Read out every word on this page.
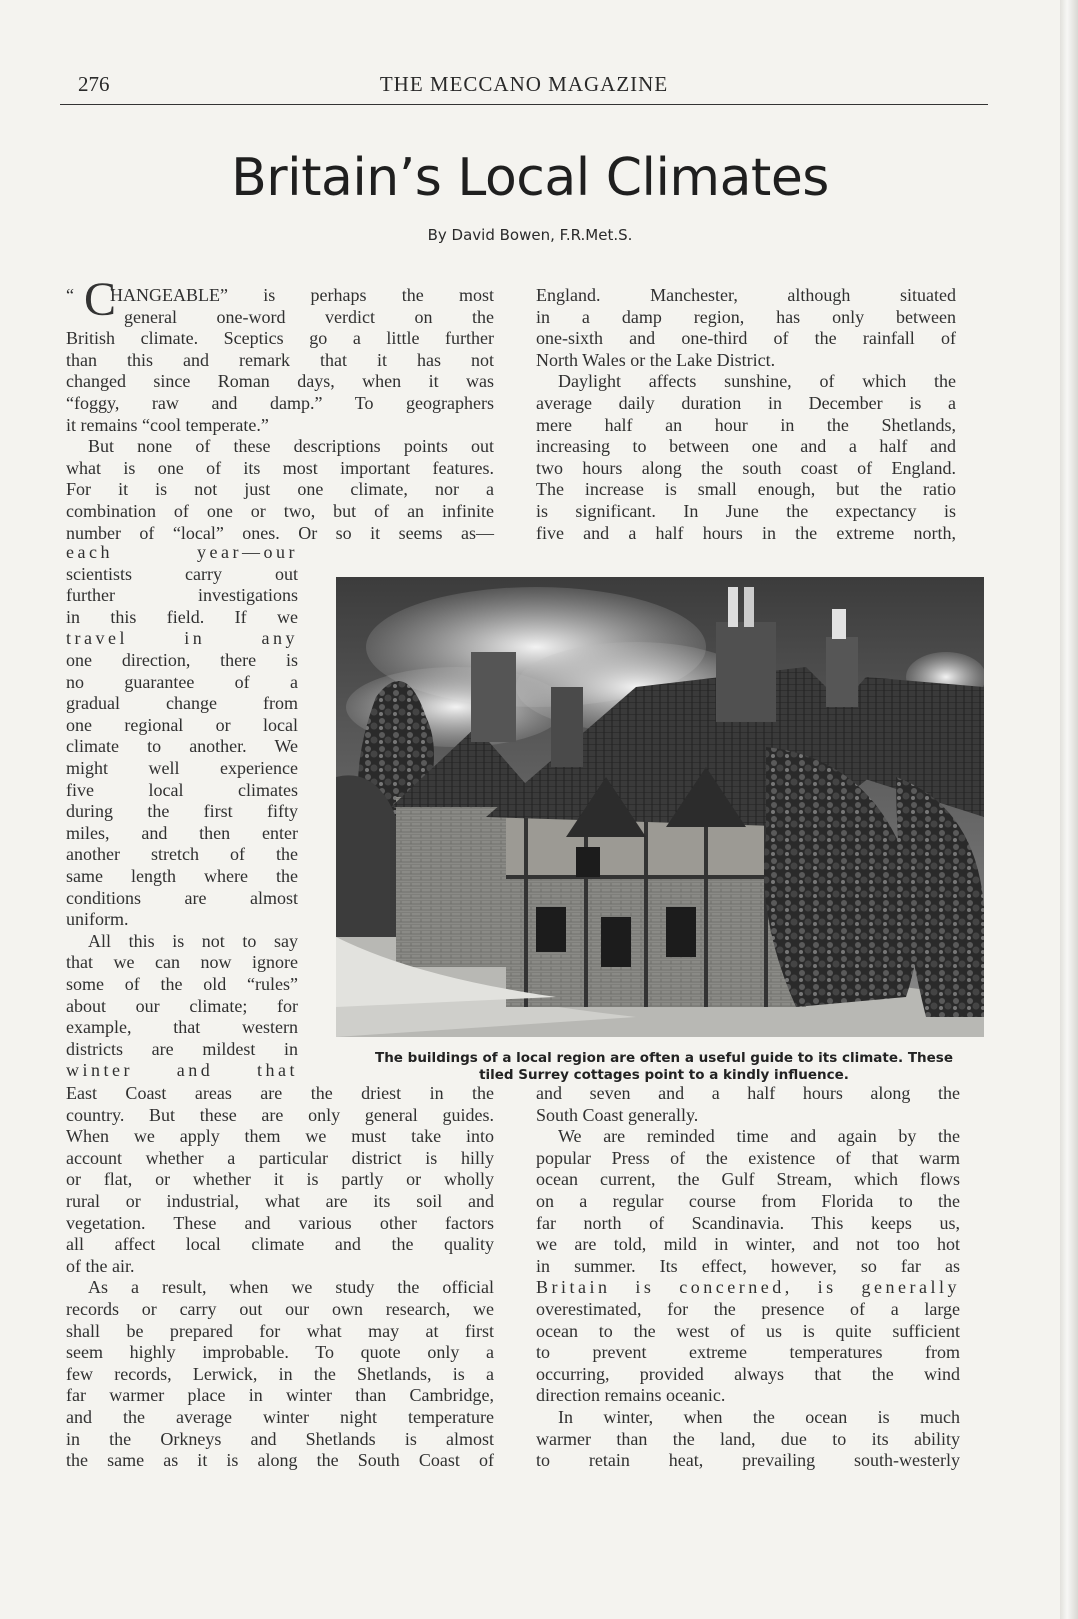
276	THE MECCANO MAGAZINE
Britain’s Local Climates
By David Bowen, F.R.Met.S.
“	HANGEABLE” is perhaps the most
general one-word verdict on the
British climate. Sceptics go a little further
than this and remark that it has not
changed since Roman days, when it was
“foggy, raw and damp.” To geographers
it remains “cool temperate.”
But none of these descriptions points out
what is one of its most important features.
For it is not just one climate, nor a
combination of one or two, but of an infinite
number of “local” ones. Or so it seems as—
C
each year—our
scientists carry out
further investigations
in this field. If we
travel in any
one direction, there is
no guarantee of a
gradual change from
one regional or local
climate to another. We
might well experience
five local climates
during the first fifty
miles, and then enter
another stretch of the
same length where the
conditions are almost
uniform.
All this is not to say
that we can now ignore
some of the old “rules”
about our climate; for
example, that western
districts are mildest in
winter and that
East Coast areas are the driest in the
country. But these are only general guides.
When we apply them we must take into
account whether a particular district is hilly
or flat, or whether it is partly or wholly
rural or industrial, what are its soil and
vegetation. These and various other factors
all affect local climate and the quality
of the air.
As a result, when we study the official
records or carry out our own research, we
shall be prepared for what may at first
seem highly improbable. To quote only a
few records, Lerwick, in the Shetlands, is a
far warmer place in winter than Cambridge,
and the average winter night temperature
in the Orkneys and Shetlands is almost
the same as it is along the South Coast of
England. Manchester, although situated
in a damp region, has only between
one-sixth and one-third of the rainfall of
North Wales or the Lake District.
Daylight affects sunshine, of which the
average daily duration in December is a
mere half an hour in the Shetlands,
increasing to between one and a half and
two hours along the south coast of England.
The increase is small enough, but the ratio
is significant. In June the expectancy is
five and a half hours in the extreme north,
and seven and a half hours along the
South Coast generally.
We are reminded time and again by the
popular Press of the existence of that warm
ocean current, the Gulf Stream, which flows
on a regular course from Florida to the
far north of Scandinavia. This keeps us,
we are told, mild in winter, and not too hot
in summer. Its effect, however, so far as
Britain is concerned, is generally
overestimated, for the presence of a large
ocean to the west of us is quite sufficient
to prevent extreme temperatures from
occurring, provided always that the wind
direction remains oceanic.
In winter, when the ocean is much
warmer than the land, due to its ability
to retain heat, prevailing south-westerly
The buildings of a local region are often a useful guide to its climate. These
tiled Surrey cottages point to a kindly influence.
